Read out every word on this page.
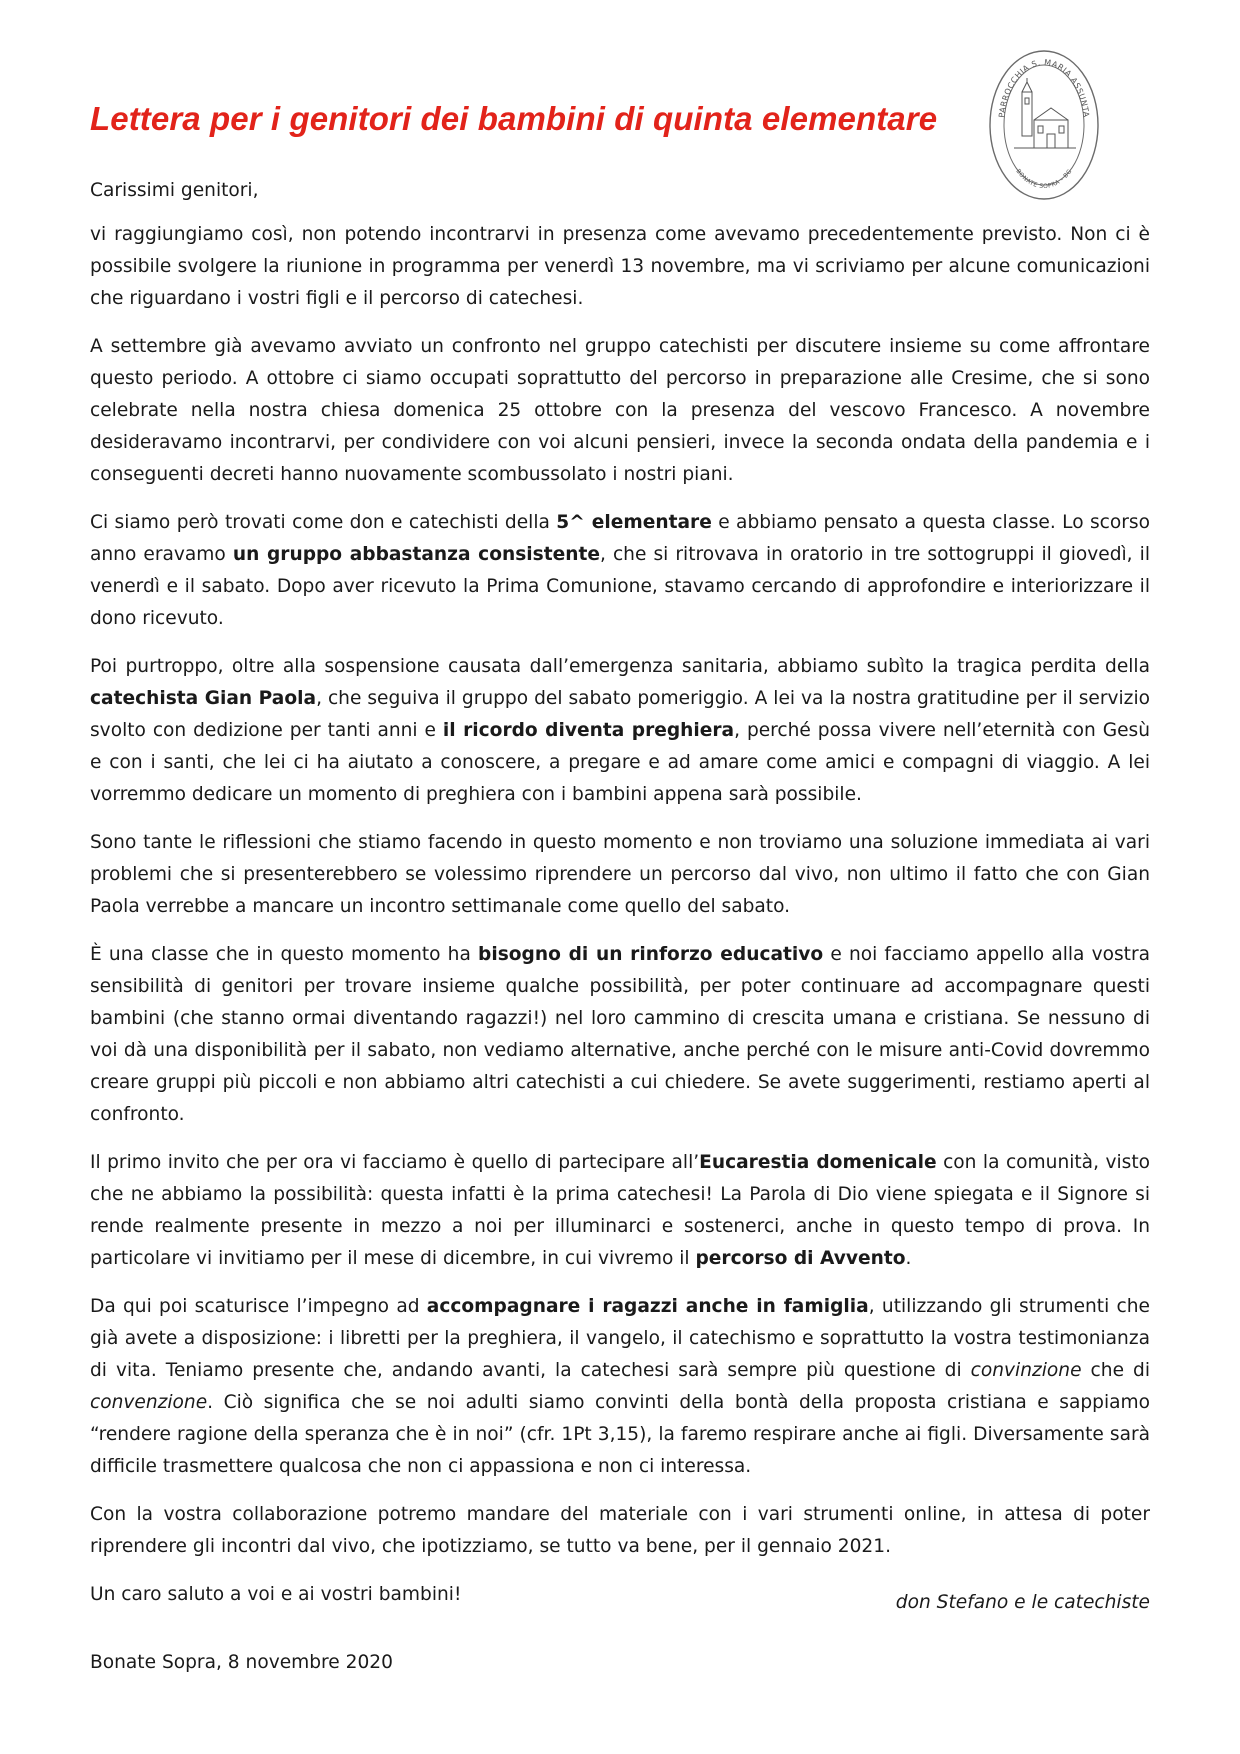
Lettera per i genitori dei bambini di quinta elementare	PARROCCHIA S. MARIA ASSUNTA
BONATE SOPRA - BG

Carissimi genitori,

vi raggiungiamo così, non potendo incontrarvi in presenza come avevamo precedentemente previsto. Non ci è possibile svolgere la riunione in programma per venerdì 13 novembre, ma vi scriviamo per alcune comunicazioni che riguardano i vostri figli e il percorso di catechesi.

A settembre già avevamo avviato un confronto nel gruppo catechisti per discutere insieme su come affrontare questo periodo. A ottobre ci siamo occupati soprattutto del percorso in preparazione alle Cresime, che si sono celebrate nella nostra chiesa domenica 25 ottobre con la presenza del vescovo Francesco. A novembre desideravamo incontrarvi, per condividere con voi alcuni pensieri, invece la seconda ondata della pandemia e i conseguenti decreti hanno nuovamente scombussolato i nostri piani.

Ci siamo però trovati come don e catechisti della 5^ elementare e abbiamo pensato a questa classe. Lo scorso anno eravamo un gruppo abbastanza consistente, che si ritrovava in oratorio in tre sottogruppi il giovedì, il venerdì e il sabato. Dopo aver ricevuto la Prima Comunione, stavamo cercando di approfondire e interiorizzare il dono ricevuto.

Poi purtroppo, oltre alla sospensione causata dall’emergenza sanitaria, abbiamo subìto la tragica perdita della catechista Gian Paola, che seguiva il gruppo del sabato pomeriggio. A lei va la nostra gratitudine per il servizio svolto con dedizione per tanti anni e il ricordo diventa preghiera, perché possa vivere nell’eternità con Gesù e con i santi, che lei ci ha aiutato a conoscere, a pregare e ad amare come amici e compagni di viaggio. A lei vorremmo dedicare un momento di preghiera con i bambini appena sarà possibile.

Sono tante le riflessioni che stiamo facendo in questo momento e non troviamo una soluzione immediata ai vari problemi che si presenterebbero se volessimo riprendere un percorso dal vivo, non ultimo il fatto che con Gian Paola verrebbe a mancare un incontro settimanale come quello del sabato.

È una classe che in questo momento ha bisogno di un rinforzo educativo e noi facciamo appello alla vostra sensibilità di genitori per trovare insieme qualche possibilità, per poter continuare ad accompagnare questi bambini (che stanno ormai diventando ragazzi!) nel loro cammino di crescita umana e cristiana. Se nessuno di voi dà una disponibilità per il sabato, non vediamo alternative, anche perché con le misure anti-Covid dovremmo creare gruppi più piccoli e non abbiamo altri catechisti a cui chiedere. Se avete suggerimenti, restiamo aperti al confronto.

Il primo invito che per ora vi facciamo è quello di partecipare all’Eucarestia domenicale con la comunità, visto che ne abbiamo la possibilità: questa infatti è la prima catechesi! La Parola di Dio viene spiegata e il Signore si rende realmente presente in mezzo a noi per illuminarci e sostenerci, anche in questo tempo di prova. In particolare vi invitiamo per il mese di dicembre, in cui vivremo il percorso di Avvento.

Da qui poi scaturisce l’impegno ad accompagnare i ragazzi anche in famiglia, utilizzando gli strumenti che già avete a disposizione: i libretti per la preghiera, il vangelo, il catechismo e soprattutto la vostra testimonianza di vita. Teniamo presente che, andando avanti, la catechesi sarà sempre più questione di convinzione che di convenzione. Ciò significa che se noi adulti siamo convinti della bontà della proposta cristiana e sappiamo “rendere ragione della speranza che è in noi” (cfr. 1Pt 3,15), la faremo respirare anche ai figli. Diversamente sarà difficile trasmettere qualcosa che non ci appassiona e non ci interessa.

Con la vostra collaborazione potremo mandare del materiale con i vari strumenti online, in attesa di poter riprendere gli incontri dal vivo, che ipotizziamo, se tutto va bene, per il gennaio 2021.

Un caro saluto a voi e ai vostri bambini!	don Stefano e le catechiste
Bonate Sopra, 8 novembre 2020
